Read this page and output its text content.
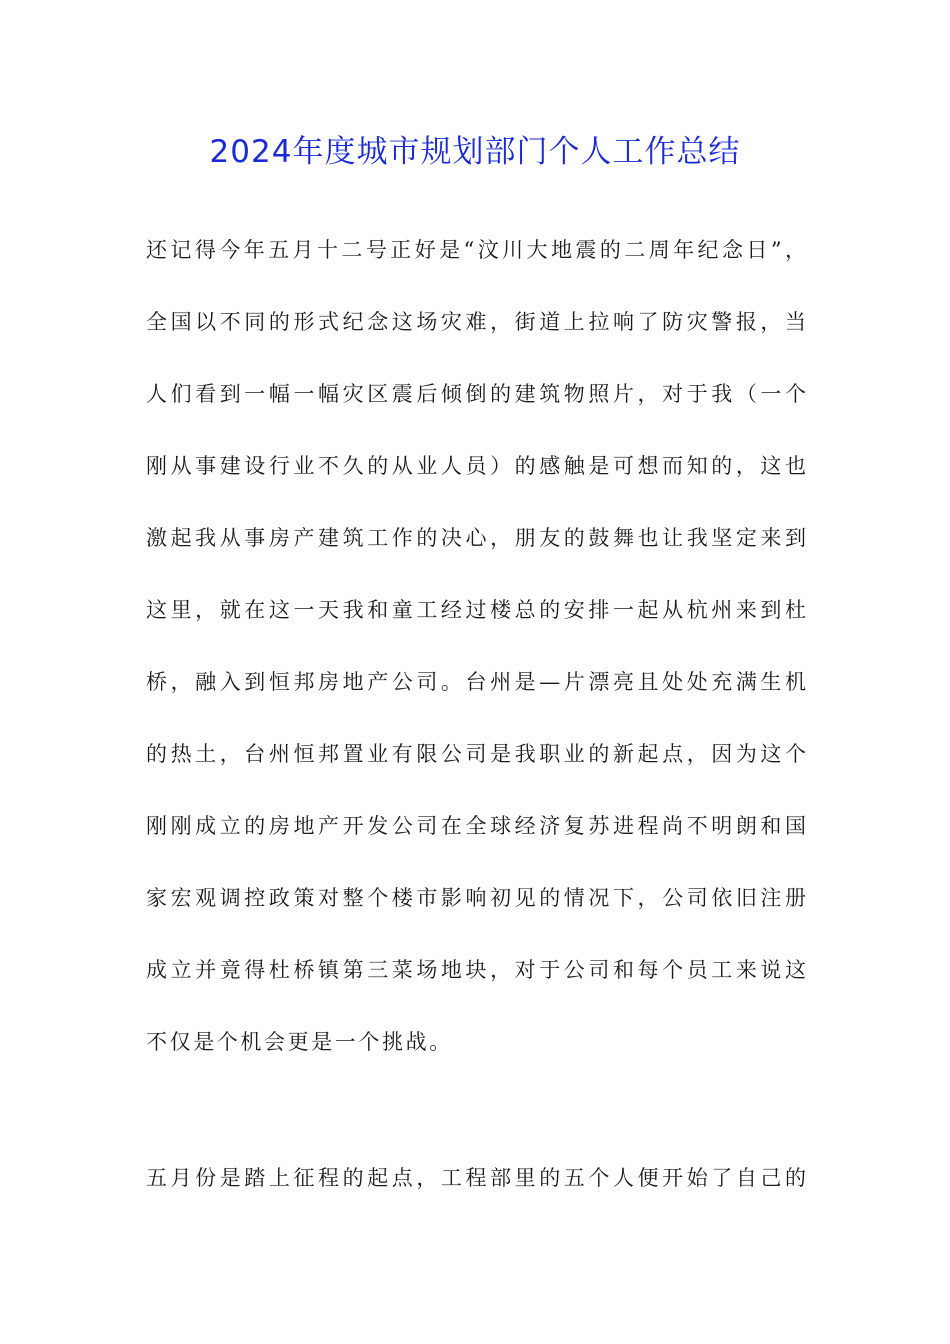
2024年度城市规划部门个人工作总结
还记得今年五月十二号正好是“汶川大地震的二周年纪念日”，
全国以不同的形式纪念这场灾难，街道上拉响了防灾警报，当
人们看到一幅一幅灾区震后倾倒的建筑物照片，对于我（一个
刚从事建设行业不久的从业人员）的感触是可想而知的，这也
激起我从事房产建筑工作的决心，朋友的鼓舞也让我坚定来到
这里，就在这一天我和童工经过楼总的安排一起从杭州来到杜
桥，融入到恒邦房地产公司。台州是—片漂亮且处处充满生机
的热土，台州恒邦置业有限公司是我职业的新起点，因为这个
刚刚成立的房地产开发公司在全球经济复苏进程尚不明朗和国
家宏观调控政策对整个楼市影响初见的情况下，公司依旧注册
成立并竟得杜桥镇第三菜场地块，对于公司和每个员工来说这
不仅是个机会更是一个挑战。
五月份是踏上征程的起点，工程部里的五个人便开始了自己的
